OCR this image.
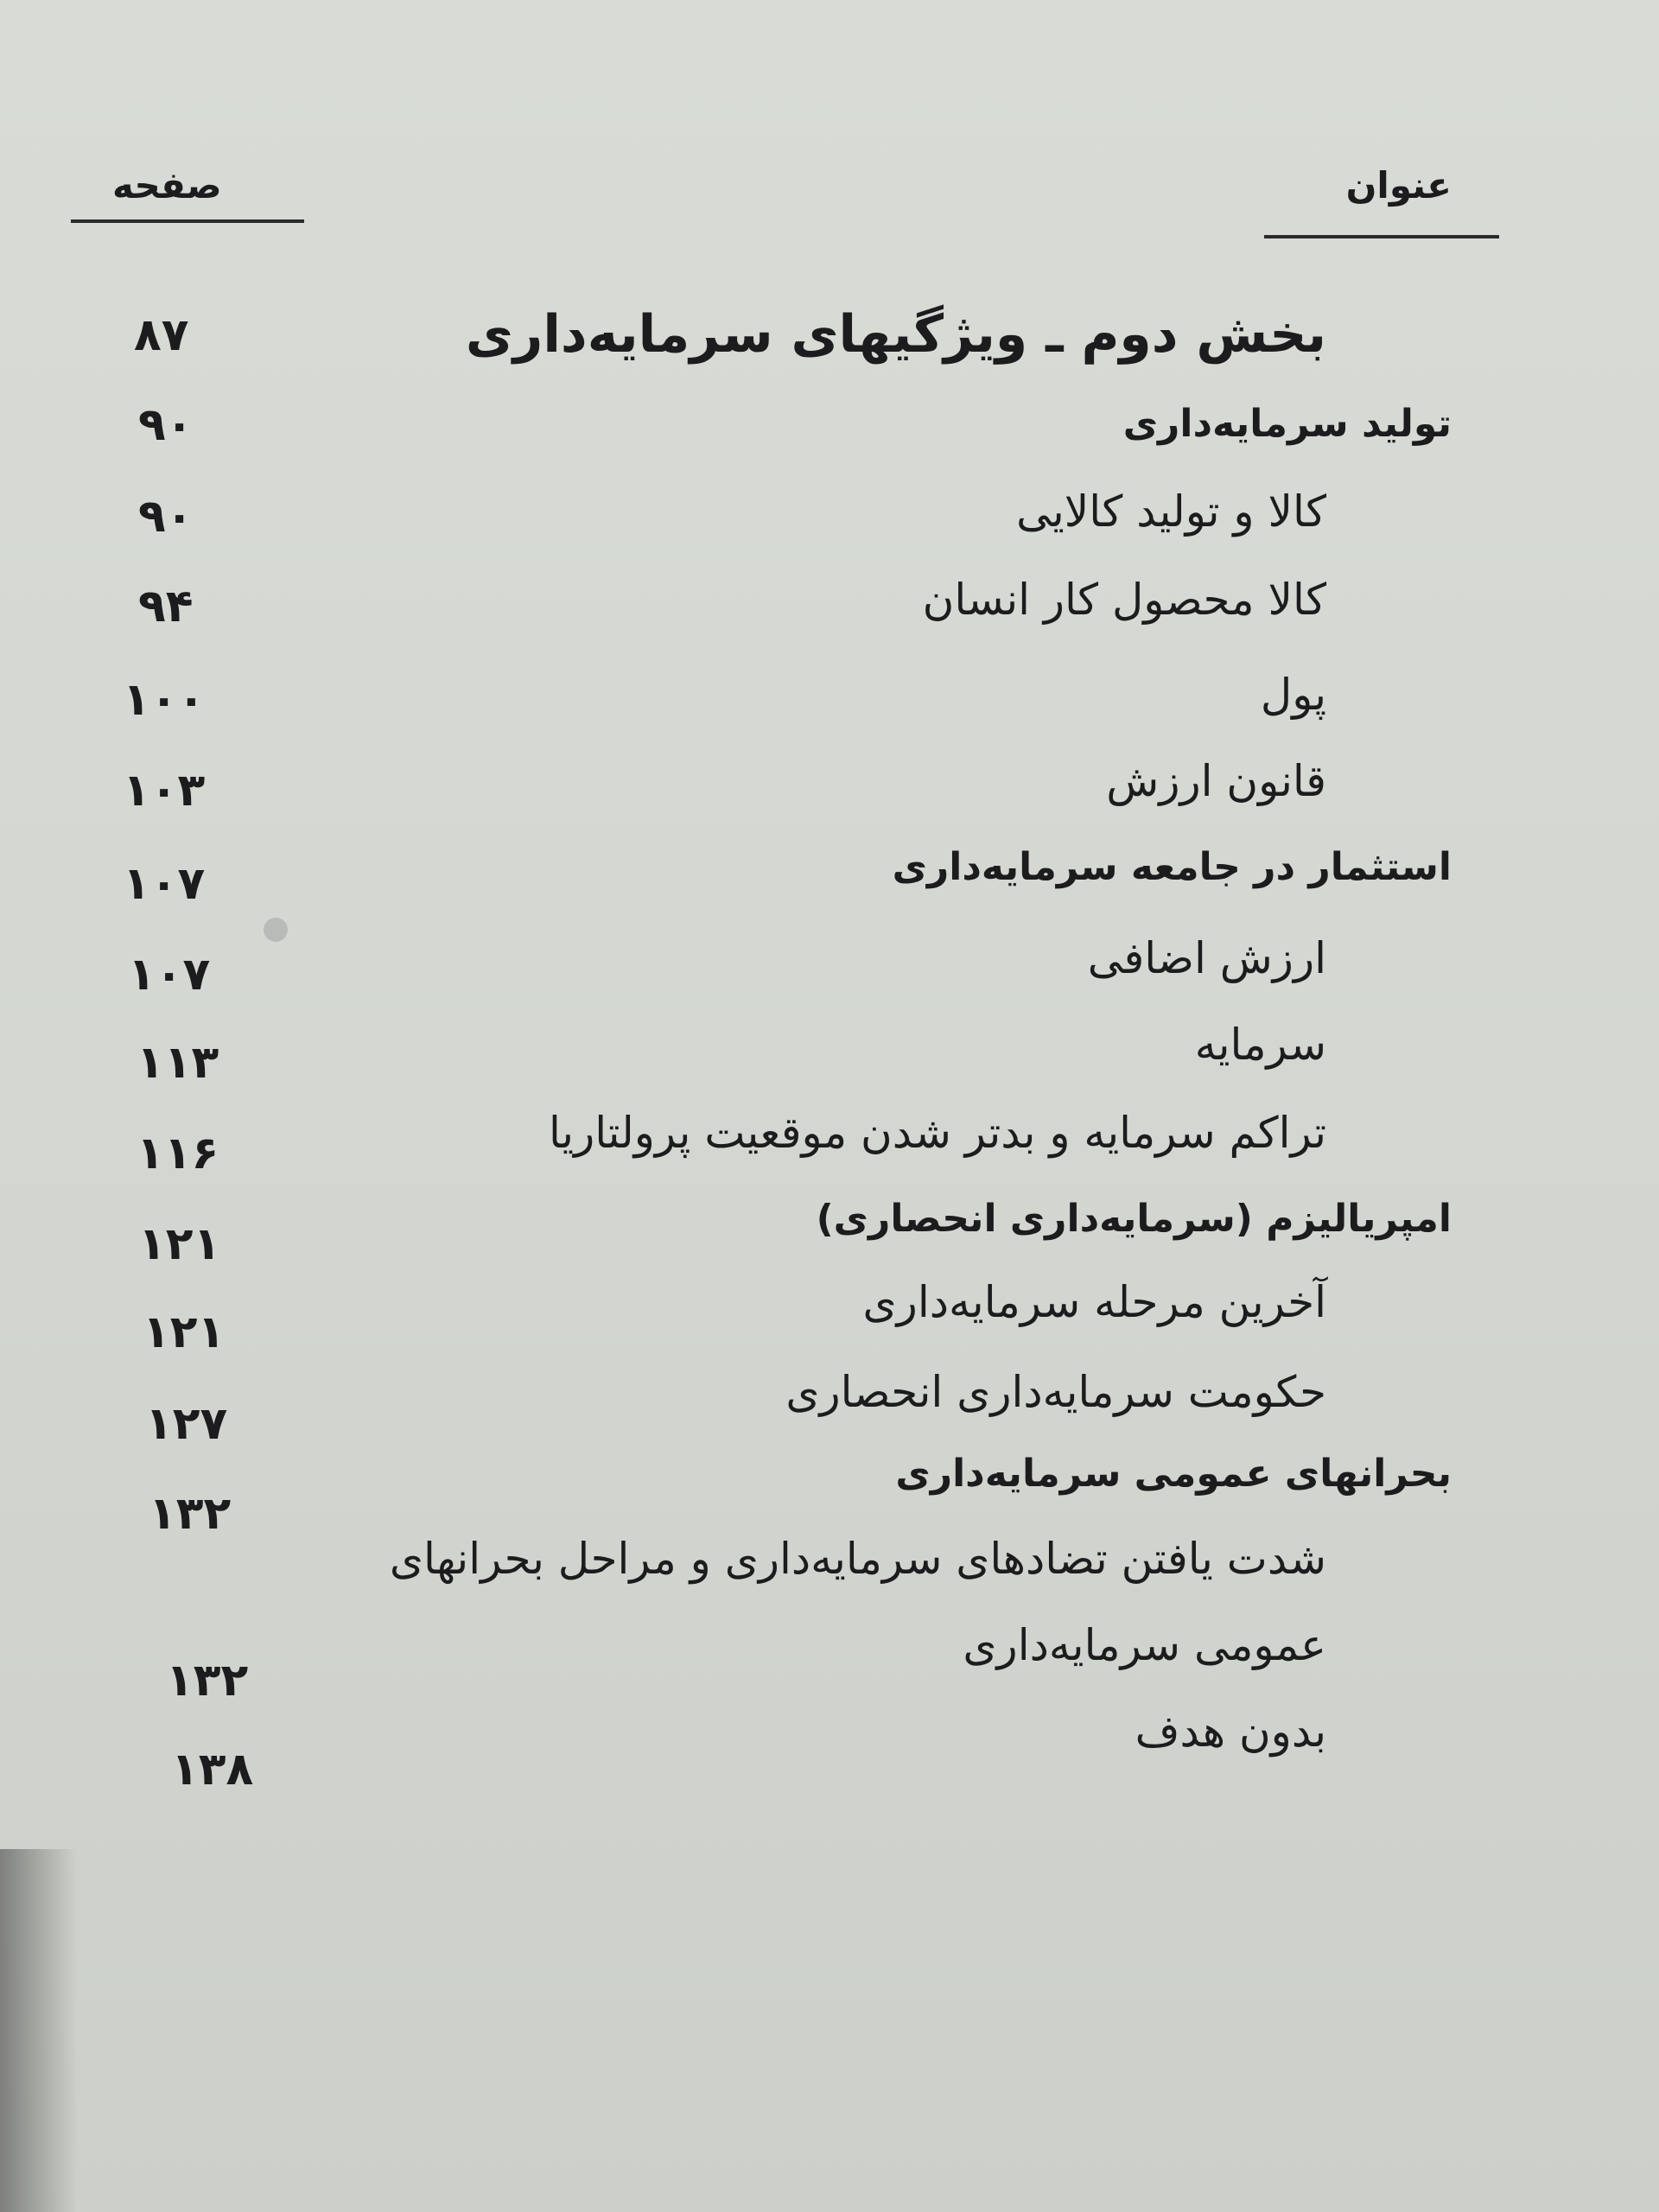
عنوان
صفحه
بخش دوم ـ ویژگیهای سرمایه‌داری
۸۷
تولید سرمایه‌داری
۹۰
کالا و تولید کالایی
۹۰
کالا محصول کار انسان
۹۴
پول
۱۰۰
قانون ارزش
۱۰۳
استثمار در جامعه سرمایه‌داری
۱۰۷
ارزش اضافی
۱۰۷
سرمایه
۱۱۳
تراکم سرمایه و بدتر شدن موقعیت پرولتاریا
۱۱۶
امپریالیزم (سرمایه‌داری انحصاری)
۱۲۱
آخرین مرحله سرمایه‌داری
۱۲۱
حکومت سرمایه‌داری انحصاری
۱۲۷
بحرانهای عمومی سرمایه‌داری
۱۳۲
شدت یافتن تضادهای سرمایه‌داری و مراحل بحرانهای
عمومی سرمایه‌داری
۱۳۲
بدون هدف
۱۳۸
